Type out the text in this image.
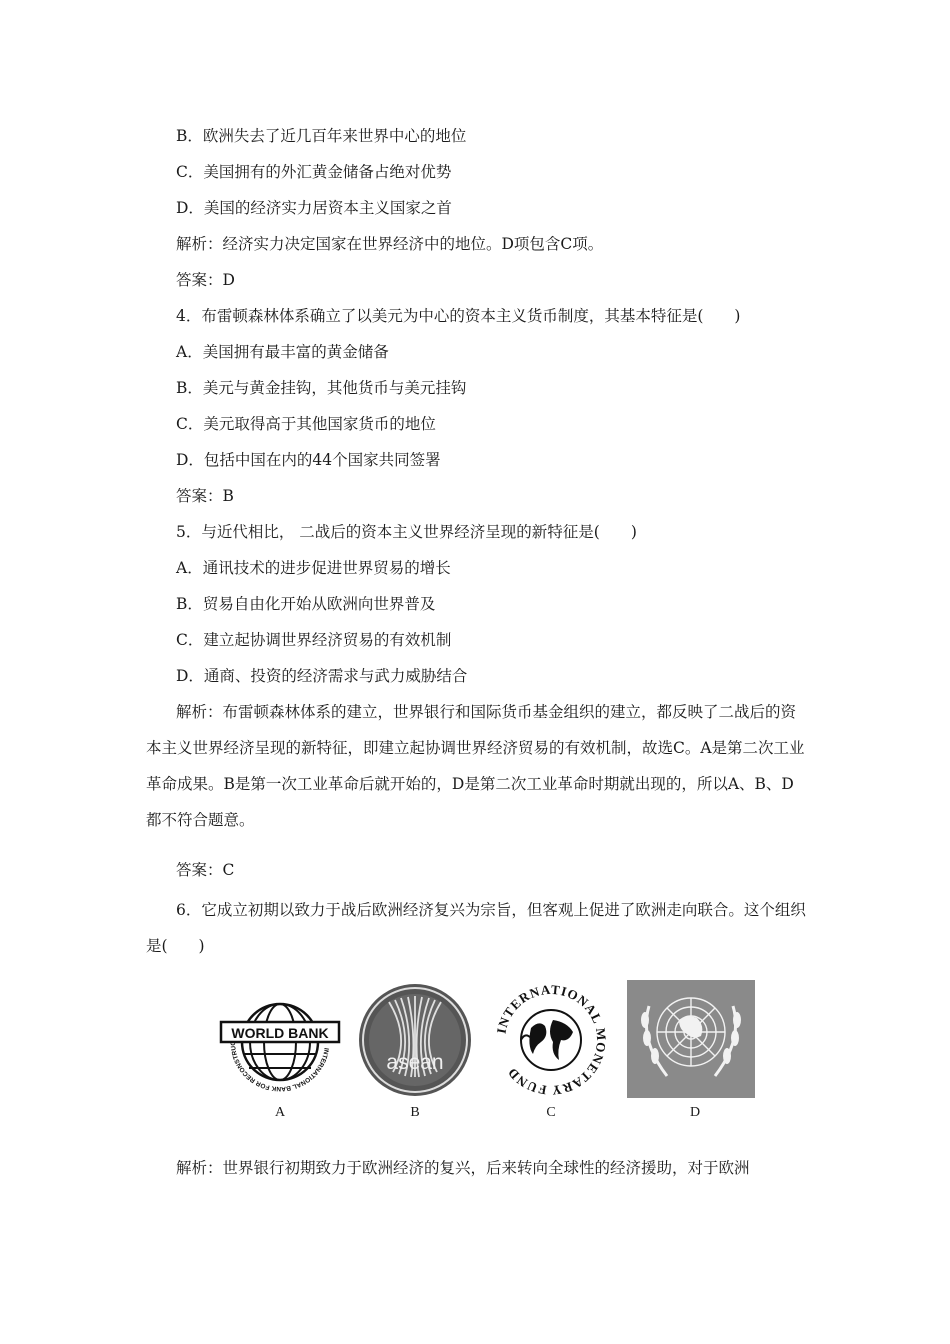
B．欧洲失去了近几百年来世界中心的地位
C．美国拥有的外汇黄金储备占绝对优势
D．美国的经济实力居资本主义国家之首
解析：经济实力决定国家在世界经济中的地位。D项包含C项。
答案：D
4．布雷顿森林体系确立了以美元为中心的资本主义货币制度，其基本特征是(　　)
A．美国拥有最丰富的黄金储备
B．美元与黄金挂钩，其他货币与美元挂钩
C．美元取得高于其他国家货币的地位
D．包括中国在内的44个国家共同签署
答案：B
5．与近代相比， 二战后的资本主义世界经济呈现的新特征是(　　)
A．通讯技术的进步促进世界贸易的增长
B．贸易自由化开始从欧洲向世界普及
C．建立起协调世界经济贸易的有效机制
D．通商、投资的经济需求与武力威胁结合
解析：布雷顿森林体系的建立，世界银行和国际货币基金组织的建立，都反映了二战后的资本主义世界经济呈现的新特征，即建立起协调世界经济贸易的有效机制，故选C。A是第二次工业革命成果。B是第一次工业革命后就开始的，D是第二次工业革命时期就出现的，所以A、B、D都不符合题意。
答案：C
6．它成立初期以致力于战后欧洲经济复兴为宗旨，但客观上促进了欧洲走向联合。这个组织是(　　)
WORLD BANK
INTERNATIONAL BANK FOR RECONSTRUC
asean
INTERNATIONAL MONETARY FUND
A	B	C	D
解析：世界银行初期致力于欧洲经济的复兴，后来转向全球性的经济援助，对于欧洲
